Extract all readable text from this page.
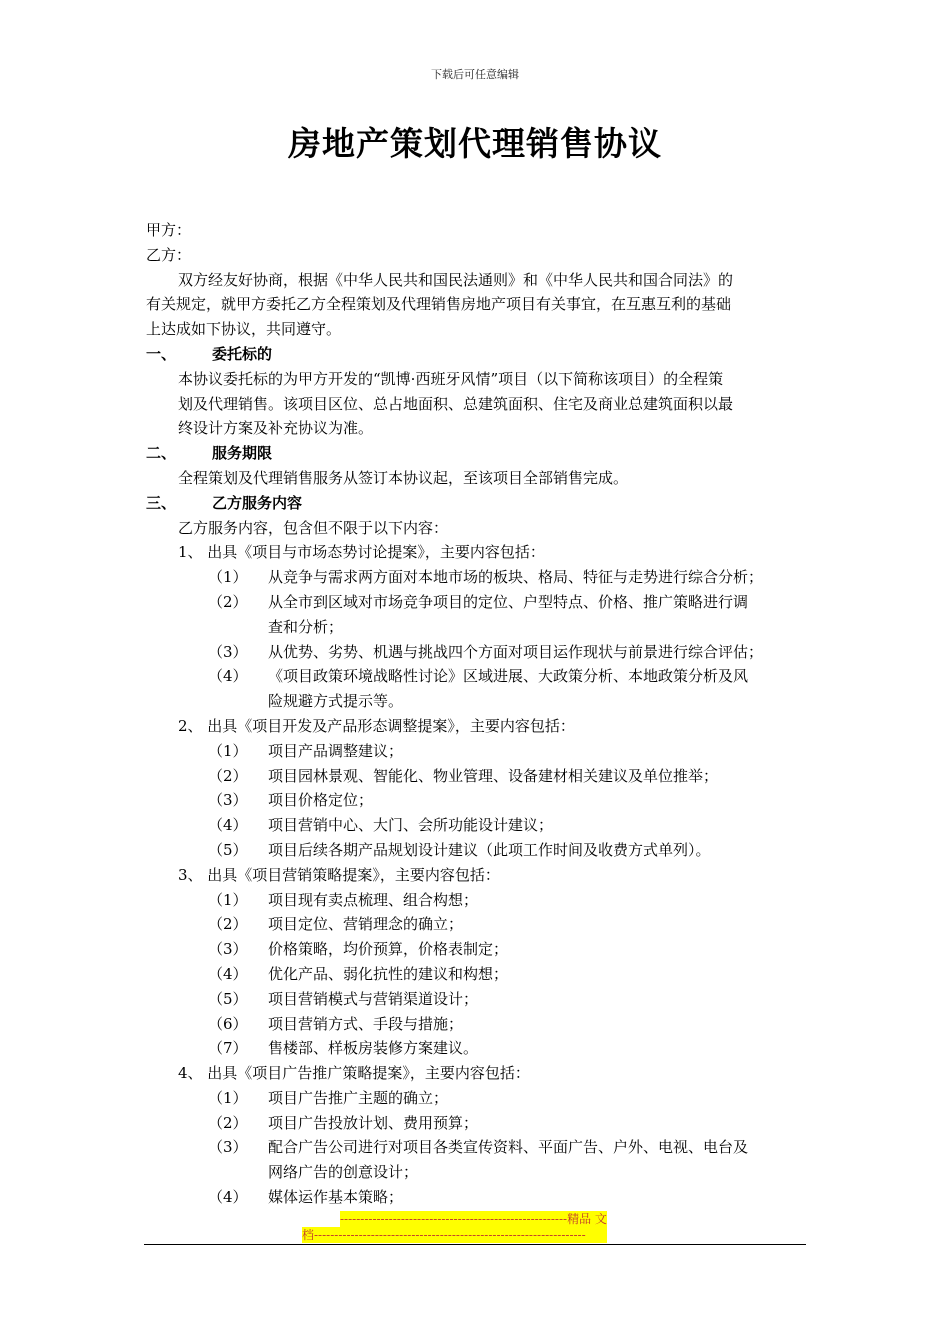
下载后可任意编辑
房地产策划代理销售协议
甲方：
乙方：
双方经友好协商，根据《中华人民共和国民法通则》和《中华人民共和国合同法》的
有关规定，就甲方委托乙方全程策划及代理销售房地产项目有关事宜，在互惠互利的基础
上达成如下协议，共同遵守。
一、	委托标的
本协议委托标的为甲方开发的“凯博·西班牙风情”项目（以下简称该项目）的全程策
划及代理销售。该项目区位、总占地面积、总建筑面积、住宅及商业总建筑面积以最
终设计方案及补充协议为准。
二、	服务期限
全程策划及代理销售服务从签订本协议起，至该项目全部销售完成。
三、	乙方服务内容
乙方服务内容，包含但不限于以下内容：
1、 出具《项目与市场态势讨论提案》，主要内容包括：
（1）	从竞争与需求两方面对本地市场的板块、格局、特征与走势进行综合分析；
（2）	从全市到区域对市场竞争项目的定位、户型特点、价格、推广策略进行调
查和分析；
（3）	从优势、劣势、机遇与挑战四个方面对项目运作现状与前景进行综合评估；
（4）	《项目政策环境战略性讨论》区域进展、大政策分析、本地政策分析及风
险规避方式提示等。
2、 出具《项目开发及产品形态调整提案》，主要内容包括：
（1）	项目产品调整建议；
（2）	项目园林景观、智能化、物业管理、设备建材相关建议及单位推举；
（3）	项目价格定位；
（4）	项目营销中心、大门、会所功能设计建议；
（5）	项目后续各期产品规划设计建议（此项工作时间及收费方式单列）。
3、 出具《项目营销策略提案》，主要内容包括：
（1）	项目现有卖点梳理、组合构想；
（2）	项目定位、营销理念的确立；
（3）	价格策略，均价预算，价格表制定；
（4）	优化产品、弱化抗性的建议和构想；
（5）	项目营销模式与营销渠道设计；
（6）	项目营销方式、手段与措施；
（7）	售楼部、样板房装修方案建议。
4、 出具《项目广告推广策略提案》，主要内容包括：
（1）	项目广告推广主题的确立；
（2）	项目广告投放计划、费用预算；
（3）	配合广告公司进行对项目各类宣传资料、平面广告、户外、电视、电台及
网络广告的创意设计；
（4）	媒体运作基本策略；
--------------------------------------------------------精品 文
档-------------------------------------------------------------------
